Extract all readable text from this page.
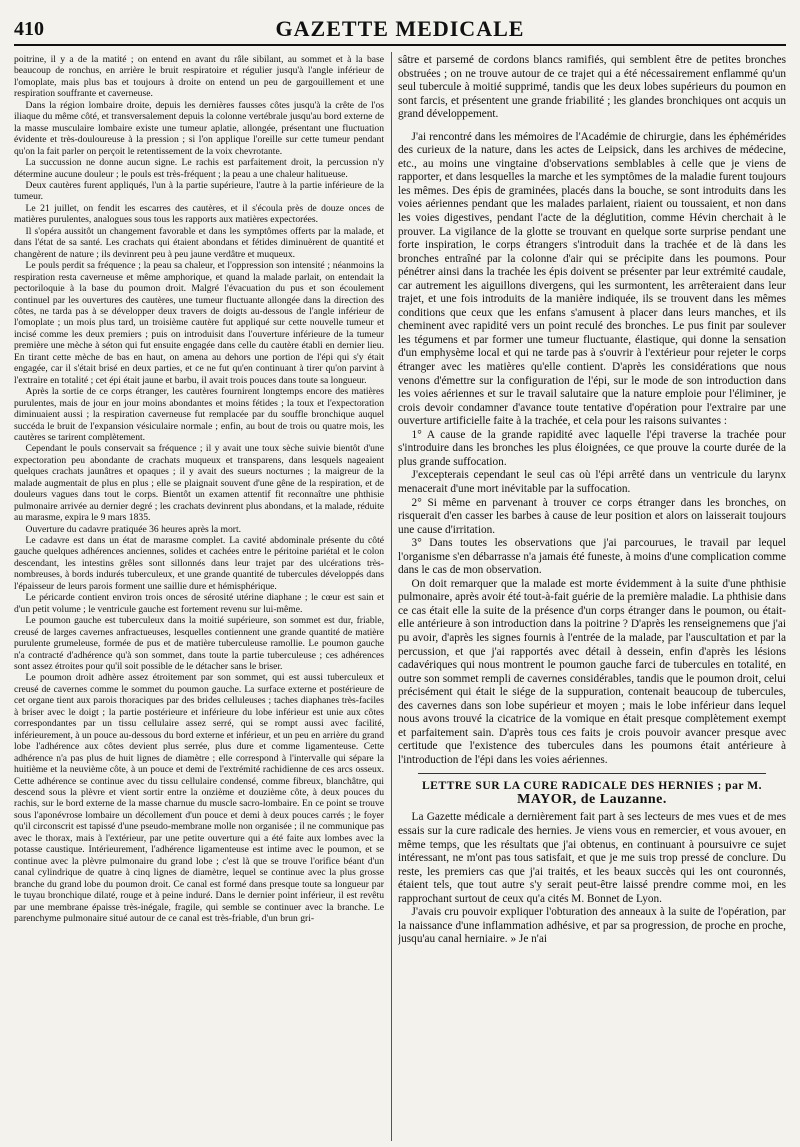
410	GAZETTE MEDICALE

poitrine, il y a de la matité ; on entend en avant du râle sibilant, au sommet et à la base beaucoup de ronchus, en arrière le bruit respiratoire et régulier jusqu'à l'angle inférieur de l'omoplate, mais plus bas et toujours à droite on entend un peu de gargouillement et une respiration souffrante et caverneuse.

Dans la région lombaire droite, depuis les dernières fausses côtes jusqu'à la crête de l'os iliaque du même côté, et transversalement depuis la colonne vertébrale jusqu'au bord externe de la masse musculaire lombaire existe une tumeur aplatie, allongée, présentant une fluctuation évidente et très-douloureuse à la pression ; si l'on applique l'oreille sur cette tumeur pendant qu'on la fait parler on perçoit le retentissement de la voix chevrotante.

La succussion ne donne aucun signe. Le rachis est parfaitement droit, la percussion n'y détermine aucune douleur ; le pouls est très-fréquent ; la peau a une chaleur halitueuse.

Deux cautères furent appliqués, l'un à la partie supérieure, l'autre à la partie inférieure de la tumeur.

Le 21 juillet, on fendit les escarres des cautères, et il s'écoula près de douze onces de matières purulentes, analogues sous tous les rapports aux matières expectorées.

Il s'opéra aussitôt un changement favorable et dans les symptômes offerts par la malade, et dans l'état de sa santé. Les crachats qui étaient abondans et fétides diminuèrent de quantité et changèrent de nature ; ils devinrent peu à peu jaune verdâtre et muqueux.

Le pouls perdit sa fréquence ; la peau sa chaleur, et l'oppression son intensité ; néanmoins la respiration resta caverneuse et même amphorique, et quand la malade parlait, on entendait la pectoriloquie à la base du poumon droit. Malgré l'évacuation du pus et son écoulement continuel par les ouvertures des cautères, une tumeur fluctuante allongée dans la direction des côtes, ne tarda pas à se développer deux travers de doigts au-dessous de l'angle inférieur de l'omoplate ; un mois plus tard, un troisième cautère fut appliqué sur cette nouvelle tumeur et incisé comme les deux premiers ; puis on introduisit dans l'ouverture inférieure de la tumeur première une mèche à séton qui fut ensuite engagée dans celle du cautère établi en dernier lieu. En tirant cette mèche de bas en haut, on amena au dehors une portion de l'épi qui s'y était engagée, car il s'était brisé en deux parties, et ce ne fut qu'en continuant à tirer qu'on parvint à l'extraire en totalité ; cet épi était jaune et barbu, il avait trois pouces dans toute sa longueur.

Après la sortie de ce corps étranger, les cautères fournirent longtemps encore des matières purulentes, mais de jour en jour moins abondantes et moins fétides ; la toux et l'expectoration diminuaient aussi ; la respiration caverneuse fut remplacée par du souffle bronchique auquel succéda le bruit de l'expansion vésiculaire normale ; enfin, au bout de trois ou quatre mois, les cautères se tarirent complètement.

Cependant le pouls conservait sa fréquence ; il y avait une toux sèche suivie bientôt d'une expectoration peu abondante de crachats muqueux et transparens, dans lesquels nageaient quelques crachats jaunâtres et opaques ; il y avait des sueurs nocturnes ; la maigreur de la malade augmentait de plus en plus ; elle se plaignait souvent d'une gêne de la respiration, et de douleurs vagues dans tout le corps. Bientôt un examen attentif fit reconnaître une phthisie pulmonaire arrivée au dernier degré ; les crachats devinrent plus abondans, et la malade, réduite au marasme, expira le 9 mars 1835.

Ouverture du cadavre pratiquée 36 heures après la mort.

Le cadavre est dans un état de marasme complet. La cavité abdominale présente du côté gauche quelques adhérences anciennes, solides et cachées entre le péritoine pariétal et le colon descendant, les intestins grêles sont sillonnés dans leur trajet par des ulcérations très-nombreuses, à bords indurés tuberculeux, et une grande quantité de tubercules développés dans l'épaisseur de leurs parois forment une saillie dure et hémisphérique.

Le péricarde contient environ trois onces de sérosité utérine diaphane ; le cœur est sain et d'un petit volume ; le ventricule gauche est fortement revenu sur lui-même.

Le poumon gauche est tuberculeux dans la moitié supérieure, son sommet est dur, friable, creusé de larges cavernes anfractueuses, lesquelles contiennent une grande quantité de matière purulente grumeleuse, formée de pus et de matière tuberculeuse ramollie. Le poumon gauche n'a contracté d'adhérence qu'à son sommet, dans toute la partie tuberculeuse ; ces adhérences sont assez étroites pour qu'il soit possible de le détacher sans le briser.

Le poumon droit adhère assez étroitement par son sommet, qui est aussi tuberculeux et creusé de cavernes comme le sommet du poumon gauche. La surface externe et postérieure de cet organe tient aux parois thoraciques par des brides celluleuses ; taches diaphanes très-faciles à briser avec le doigt ; la partie postérieure et inférieure du lobe inférieur est unie aux côtes correspondantes par un tissu cellulaire assez serré, qui se rompt aussi avec facilité, inférieurement, à un pouce au-dessous du bord externe et inférieur, et un peu en arrière du grand lobe l'adhérence aux côtes devient plus serrée, plus dure et comme ligamenteuse. Cette adhérence n'a pas plus de huit lignes de diamètre ; elle correspond à l'intervalle qui sépare la huitième et la neuvième côte, à un pouce et demi de l'extrémité rachidienne de ces arcs osseux. Cette adhérence se continue avec du tissu cellulaire condensé, comme fibreux, blanchâtre, qui descend sous la plèvre et vient sortir entre la onzième et douzième côte, à deux pouces du rachis, sur le bord externe de la masse charnue du muscle sacro-lombaire. En ce point se trouve sous l'aponévrose lombaire un décollement d'un pouce et demi à deux pouces carrés ; le foyer qu'il circonscrit est tapissé d'une pseudo-membrane molle non organisée ; il ne communique pas avec le thorax, mais à l'extérieur, par une petite ouverture qui a été faite aux lombes avec la potasse caustique. Intérieurement, l'adhérence ligamenteuse est intime avec le poumon, et se continue avec la plèvre pulmonaire du grand lobe ; c'est là que se trouve l'orifice béant d'un canal cylindrique de quatre à cinq lignes de diamètre, lequel se continue avec la plus grosse branche du grand lobe du poumon droit. Ce canal est formé dans presque toute sa longueur par le tuyau bronchique dilaté, rouge et à peine induré. Dans le dernier point inférieur, il est revêtu par une membrane épaisse très-inégale, fragile, qui semble se continuer avec la branche. Le parenchyme pulmonaire situé autour de ce canal est très-friable, d'un brun gri-

sâtre et parsemé de cordons blancs ramifiés, qui semblent être de petites bronches obstruées ; on ne trouve autour de ce trajet qui a été nécessairement enflammé qu'un seul tubercule à moitié supprimé, tandis que les deux lobes supérieurs du poumon en sont farcis, et présentent une grande friabilité ; les glandes bronchiques ont acquis un grand développement.

J'ai rencontré dans les mémoires de l'Académie de chirurgie, dans les éphémérides des curieux de la nature, dans les actes de Leipsick, dans les archives de médecine, etc., au moins une vingtaine d'observations semblables à celle que je viens de rapporter, et dans lesquelles la marche et les symptômes de la maladie furent toujours les mêmes. Des épis de graminées, placés dans la bouche, se sont introduits dans les voies aériennes pendant que les malades parlaient, riaient ou toussaient, et non dans les voies digestives, pendant l'acte de la déglutition, comme Hévin cherchait à le prouver. La vigilance de la glotte se trouvant en quelque sorte surprise pendant une forte inspiration, le corps étrangers s'introduit dans la trachée et de là dans les bronches entraîné par la colonne d'air qui se précipite dans les poumons. Pour pénétrer ainsi dans la trachée les épis doivent se présenter par leur extrémité caudale, car autrement les aiguillons divergens, qui les surmontent, les arrêteraient dans leur trajet, et une fois introduits de la manière indiquée, ils se trouvent dans les mêmes conditions que ceux que les enfans s'amusent à placer dans leurs manches, et ils cheminent avec rapidité vers un point reculé des bronches. Le pus finit par soulever les tégumens et par former une tumeur fluctuante, élastique, qui donne la sensation d'un emphysème local et qui ne tarde pas à s'ouvrir à l'extérieur pour rejeter le corps étranger avec les matières qu'elle contient. D'après les considérations que nous venons d'émettre sur la configuration de l'épi, sur le mode de son introduction dans les voies aériennes et sur le travail salutaire que la nature emploie pour l'éliminer, je crois devoir condamner d'avance toute tentative d'opération pour l'extraire par une ouverture artificielle faite à la trachée, et cela pour les raisons suivantes :

1° A cause de la grande rapidité avec laquelle l'épi traverse la trachée pour s'introduire dans les bronches les plus éloignées, ce que prouve la courte durée de la plus grande suffocation.

J'excepterais cependant le seul cas où l'épi arrêté dans un ventricule du larynx menacerait d'une mort inévitable par la suffocation.

2° Si même en parvenant à trouver ce corps étranger dans les bronches, on risquerait d'en casser les barbes à cause de leur position et alors on laisserait toujours une cause d'irritation.

3° Dans toutes les observations que j'ai parcourues, le travail par lequel l'organisme s'en débarrasse n'a jamais été funeste, à moins d'une complication comme dans le cas de mon observation.

On doit remarquer que la malade est morte évidemment à la suite d'une phthisie pulmonaire, après avoir été tout-à-fait guérie de la première maladie. La phthisie dans ce cas était elle la suite de la présence d'un corps étranger dans le poumon, ou était-elle antérieure à son introduction dans la poitrine ? D'après les renseignemens que j'ai pu avoir, d'après les signes fournis à l'entrée de la malade, par l'auscultation et par la percussion, et que j'ai rapportés avec détail à dessein, enfin d'après les lésions cadavériques qui nous montrent le poumon gauche farci de tubercules en totalité, en outre son sommet rempli de cavernes considérables, tandis que le poumon droit, celui précisément qui était le siége de la suppuration, contenait beaucoup de tubercules, des cavernes dans son lobe supérieur et moyen ; mais le lobe inférieur dans lequel nous avons trouvé la cicatrice de la vomique en était presque complètement exempt et parfaitement sain. D'après tous ces faits je crois pouvoir avancer presque avec certitude que l'existence des tubercules dans les poumons était antérieure à l'introduction de l'épi dans les voies aériennes.

LETTRE SUR LA CURE RADICALE DES HERNIES ; par M.
MAYOR, de Lauzanne.

La Gazette médicale a dernièrement fait part à ses lecteurs de mes vues et de mes essais sur la cure radicale des hernies. Je viens vous en remercier, et vous avouer, en même temps, que les résultats que j'ai obtenus, en continuant à poursuivre ce sujet intéressant, ne m'ont pas tous satisfait, et que je me suis trop pressé de conclure. Du reste, les premiers cas que j'ai traités, et les beaux succès qui les ont couronnés, étaient tels, que tout autre s'y serait peut-être laissé prendre comme moi, en les rapprochant surtout de ceux qu'a cités M. Bonnet de Lyon.

J'avais cru pouvoir expliquer l'obturation des anneaux à la suite de l'opération, par la naissance d'une inflammation adhésive, et par sa progression, de proche en proche, jusqu'au canal herniaire. » Je n'ai
